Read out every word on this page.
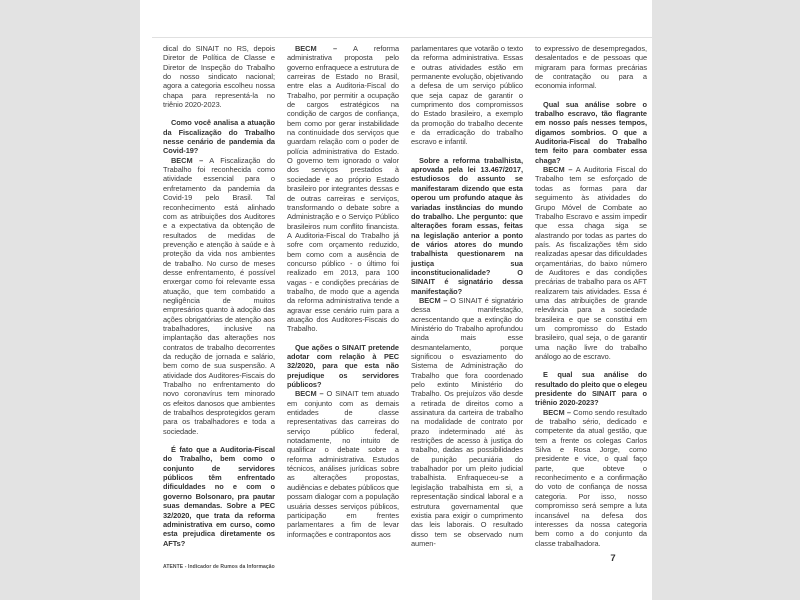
dical do SINAIT no RS, depois Diretor de Política de Classe e Diretor de Inspeção do Trabalho do nosso sindicato nacional; agora a categoria escolheu nossa chapa para representá-la no triênio 2020-2023.

Como você analisa a atuação da Fiscalização do Trabalho nesse cenário de pandemia da Covid-19?

BECM – A Fiscalização do Trabalho foi reconhecida como atividade essencial para o enfretamento da pandemia da Covid-19 pelo Brasil. Tal reconhecimento está alinhado com as atribuições dos Auditores e a expectativa da obtenção de resultados de medidas de prevenção e atenção à saúde e à proteção da vida nos ambientes de trabalho. No curso de meses desse enfrentamento, é possível enxergar como foi relevante essa atuação, que tem combatido a negligência de muitos empresários quanto à adoção das ações obrigatórias de atenção aos trabalhadores, inclusive na implantação das alterações nos contratos de trabalho decorrentes da redução de jornada e salário, bem como de sua suspensão. A atividade dos Auditores-Fiscais do Trabalho no enfrentamento do novo coronavírus tem minorado os efeitos danosos que ambientes de trabalhos desprotegidos geram para os trabalhadores e toda a sociedade.

É fato que a Auditoria-Fiscal do Trabalho, bem como o conjunto de servidores públicos têm enfrentado dificuldades no e com o governo Bolsonaro, pra pautar suas demandas. Sobre a PEC 32/2020, que trata da reforma administrativa em curso, como esta prejudica diretamente os AFTs?

BECM – A reforma administrativa proposta pelo governo enfraquece a estrutura de carreiras de Estado no Brasil, entre elas a Auditoria-Fiscal do Trabalho, por permitir a ocupação de cargos estratégicos na condição de cargos de confiança, bem como por gerar instabilidade na continuidade dos serviços que guardam relação com o poder de polícia administrativa do Estado. O governo tem ignorado o valor dos serviços prestados à sociedade e ao próprio Estado brasileiro por integrantes dessas e de outras carreiras e serviços, transformando o debate sobre a Administração e o Serviço Público brasileiros num conflito financista. A Auditoria-Fiscal do Trabalho já sofre com orçamento reduzido, bem como com a ausência de concurso público - o último foi realizado em 2013, para 100 vagas - e condições precárias de trabalho, de modo que a agenda da reforma administrativa tende a agravar esse cenário ruim para a atuação dos Auditores-Fiscais do Trabalho.

Que ações o SINAIT pretende adotar com relação à PEC 32/2020, para que esta não prejudique os servidores públicos?

BECM – O SINAIT tem atuado em conjunto com as demais entidades de classe representativas das carreiras do serviço público federal, notadamente, no intuito de qualificar o debate sobre a reforma administrativa. Estudos técnicos, análises jurídicas sobre as alterações propostas, audiências e debates públicos que possam dialogar com a população usuária desses serviços públicos, participação em frentes parlamentares a fim de levar informações e contrapontos aos

parlamentares que votarão o texto da reforma administrativa. Essas e outras atividades estão em permanente evolução, objetivando a defesa de um serviço público que seja capaz de garantir o cumprimento dos compromissos do Estado brasileiro, a exemplo da promoção do trabalho decente e da erradicação do trabalho escravo e infantil.

Sobre a reforma trabalhista, aprovada pela lei 13.467/2017, estudiosos do assunto se manifestaram dizendo que esta operou um profundo ataque às variadas instâncias do mundo do trabalho. Lhe pergunto: que alterações foram essas, feitas na legislação anterior a ponto de vários atores do mundo trabalhista questionarem na justiça sua inconstitucionalidade? O SINAIT é signatário dessa manifestação?

BECM – O SINAIT é signatário dessa manifestação, acrescentando que a extinção do Ministério do Trabalho aprofundou ainda mais esse desmantelamento, porque significou o esvaziamento do Sistema de Administração do Trabalho que fora coordenado pelo extinto Ministério do Trabalho. Os prejuízos vão desde a retirada de direitos como a assinatura da carteira de trabalho na modalidade de contrato por prazo indeterminado até às restrições de acesso à justiça do trabalho, dadas as possibilidades de punição pecuniária do trabalhador por um pleito judicial trabalhista. Enfraqueceu-se a legislação trabalhista em si, a representação sindical laboral e a estrutura governamental que existia para exigir o cumprimento das leis laborais. O resultado disso tem se observado num aumen-

to expressivo de desempregados, desalentados e de pessoas que migraram para formas precárias de contratação ou para a economia informal.

Qual sua análise sobre o trabalho escravo, tão flagrante em nosso país nesses tempos, digamos sombrios. O que a Auditoria-Fiscal do Trabalho tem feito para combater essa chaga?

BECM – A Auditoria Fiscal do Trabalho tem se esforçado de todas as formas para dar seguimento às atividades do Grupo Móvel de Combate ao Trabalho Escravo e assim impedir que essa chaga siga se alastrando por todas as partes do país. As fiscalizações têm sido realizadas apesar das dificuldades orçamentárias, do baixo número de Auditores e das condições precárias de trabalho para os AFT realizarem tais atividades. Essa é uma das atribuições de grande relevância para a sociedade brasileira e que se constitui em um compromisso do Estado brasileiro, qual seja, o de garantir uma nação livre do trabalho análogo ao de escravo.

E qual sua análise do resultado do pleito que o elegeu presidente do SINAIT para o triênio 2020-2023?

BECM – Como sendo resultado de trabalho sério, dedicado e competente da atual gestão, que tem a frente os colegas Carlos Silva e Rosa Jorge, como presidente e vice, o qual faço parte, que obteve o reconhecimento e a confirmação do voto de confiança de nossa categoria. Por isso, nosso compromisso será sempre a luta incansável na defesa dos interesses da nossa categoria bem como a do conjunto da classe trabalhadora.

ATENTE - Indicador de Rumos da Informação
7
